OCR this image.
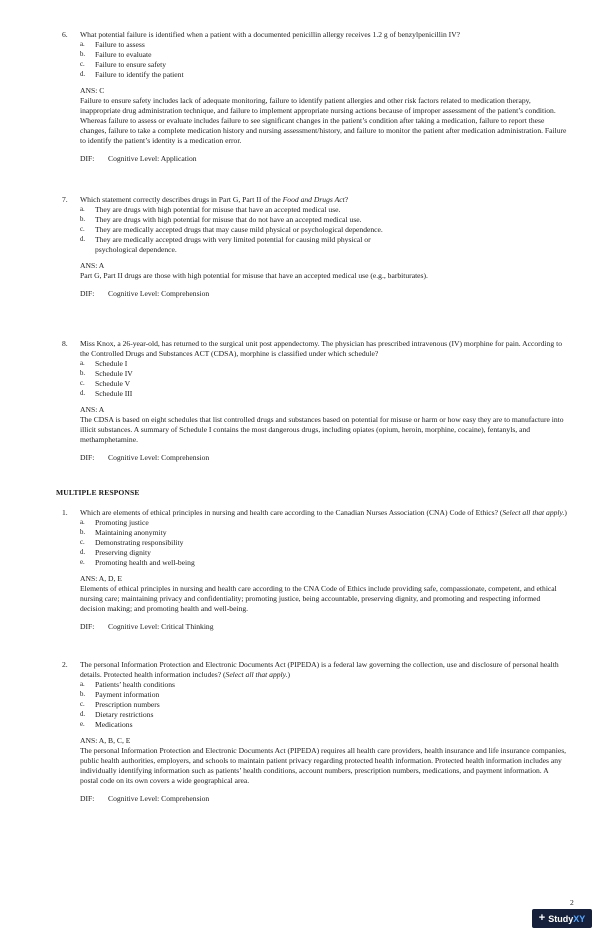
6.	What potential failure is identified when a patient with a documented penicillin allergy receives 1.2 g of benzylpenicillin IV?
a.	Failure to assess
b.	Failure to evaluate
c.	Failure to ensure safety
d.	Failure to identify the patient
ANS: C
Failure to ensure safety includes lack of adequate monitoring, failure to identify patient allergies and other risk factors related to medication therapy, inappropriate drug administration technique, and failure to implement appropriate nursing actions because of improper assessment of the patient’s condition. Whereas failure to assess or evaluate includes failure to see significant changes in the patient’s condition after taking a medication, failure to report these changes, failure to take a complete medication history and nursing assessment/history, and failure to monitor the patient after medication administration. Failure to identify the patient’s identity is a medication error.
DIF: Cognitive Level: Application
7.	Which statement correctly describes drugs in Part G, Part II of the Food and Drugs Act?
a.	They are drugs with high potential for misuse that have an accepted medical use.
b.	They are drugs with high potential for misuse that do not have an accepted medical use.
c.	They are medically accepted drugs that may cause mild physical or psychological dependence.
d.	They are medically accepted drugs with very limited potential for causing mild physical or psychological dependence.
ANS: A
Part G, Part II drugs are those with high potential for misuse that have an accepted medical use (e.g., barbiturates).
DIF: Cognitive Level: Comprehension
8.	Miss Knox, a 26-year-old, has returned to the surgical unit post appendectomy. The physician has prescribed intravenous (IV) morphine for pain. According to the Controlled Drugs and Substances ACT (CDSA), morphine is classified under which schedule?
a.	Schedule I
b.	Schedule IV
c.	Schedule V
d.	Schedule III
ANS: A
The CDSA is based on eight schedules that list controlled drugs and substances based on potential for misuse or harm or how easy they are to manufacture into illicit substances. A summary of Schedule I contains the most dangerous drugs, including opiates (opium, heroin, morphine, cocaine), fentanyls, and methamphetamine.
DIF: Cognitive Level: Comprehension
MULTIPLE RESPONSE
1.	Which are elements of ethical principles in nursing and health care according to the Canadian Nurses Association (CNA) Code of Ethics? (Select all that apply.)
a.	Promoting justice
b.	Maintaining anonymity
c.	Demonstrating responsibility
d.	Preserving dignity
e.	Promoting health and well-being
ANS: A, D, E
Elements of ethical principles in nursing and health care according to the CNA Code of Ethics include providing safe, compassionate, competent, and ethical nursing care; maintaining privacy and confidentiality; promoting justice, being accountable, preserving dignity, and promoting and respecting informed decision making; and promoting health and well-being.
DIF: Cognitive Level: Critical Thinking
2.	The personal Information Protection and Electronic Documents Act (PIPEDA) is a federal law governing the collection, use and disclosure of personal health details. Protected health information includes? (Select all that apply.)
a.	Patients’ health conditions
b.	Payment information
c.	Prescription numbers
d.	Dietary restrictions
e.	Medications
ANS: A, B, C, E
The personal Information Protection and Electronic Documents Act (PIPEDA) requires all health care providers, health insurance and life insurance companies, public health authorities, employers, and schools to maintain patient privacy regarding protected health information. Protected health information includes any individually identifying information such as patients’ health conditions, account numbers, prescription numbers, medications, and payment information. A postal code on its own covers a wide geographical area.
DIF: Cognitive Level: Comprehension
2
+ Study XY
